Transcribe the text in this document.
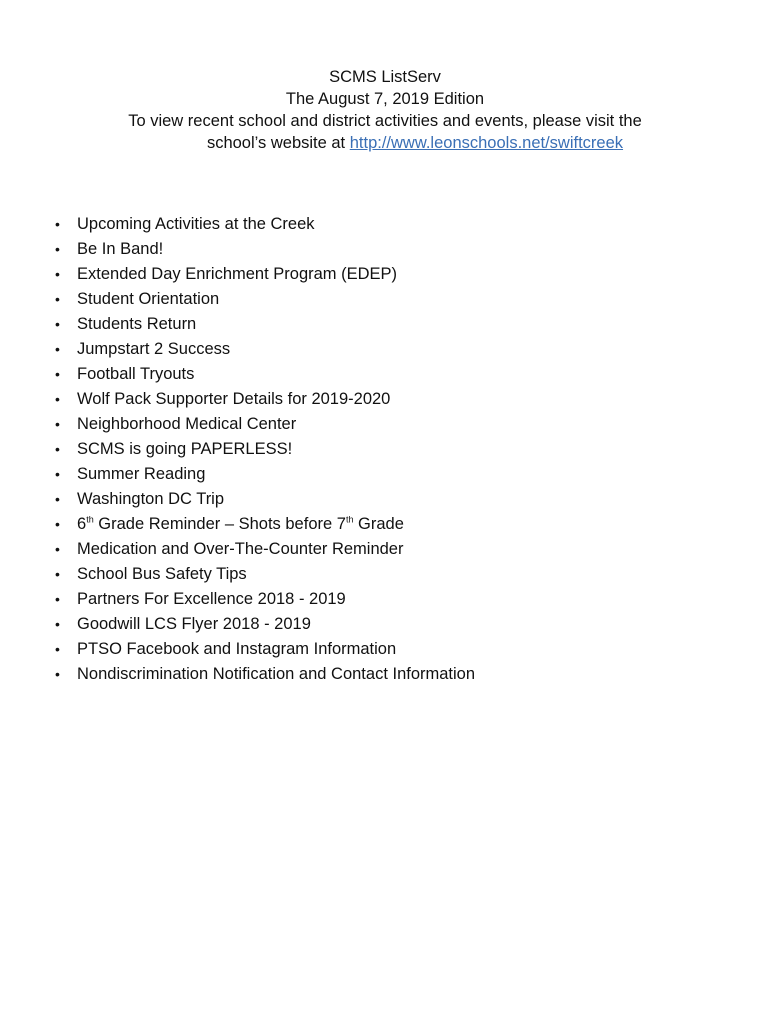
SCMS ListServ
The August 7, 2019 Edition
To view recent school and district activities and events, please visit the
school’s website at http://www.leonschools.net/swiftcreek
• Upcoming Activities at the Creek
• Be In Band!
• Extended Day Enrichment Program (EDEP)
• Student Orientation
• Students Return
• Jumpstart 2 Success
• Football Tryouts
• Wolf Pack Supporter Details for 2019-2020
• Neighborhood Medical Center
• SCMS is going PAPERLESS!
• Summer Reading
• Washington DC Trip
• 6th Grade Reminder – Shots before 7th Grade
• Medication and Over-The-Counter Reminder
• School Bus Safety Tips
• Partners For Excellence 2018 - 2019
• Goodwill LCS Flyer 2018 - 2019
• PTSO Facebook and Instagram Information
• Nondiscrimination Notification and Contact Information
